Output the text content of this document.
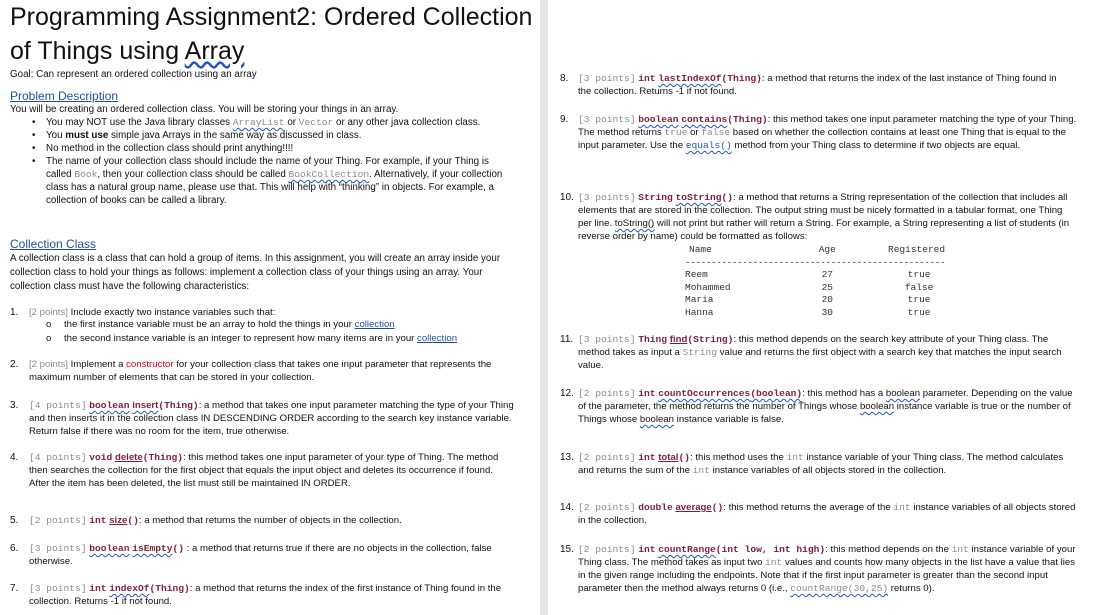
Programming Assignment2: Ordered Collection
of Things using Array
Goal: Can represent an ordered collection using an array
Problem Description
You will be creating an ordered collection class. You will be storing your things in an array.
• You may NOT use the Java library classes ArrayList or Vector or any other java collection class.
• You must use simple java Arrays in the same way as discussed in class.
• No method in the collection class should print anything!!!!
• The name of your collection class should include the name of your Thing. For example, if your Thing is called Book, then your collection class should be called BookCollection. Alternatively, if your collection class has a natural group name, please use that. This will help with “thinking” in objects. For example, a collection of books can be called a library.
Collection Class
A collection class is a class that can hold a group of items. In this assignment, you will create an array inside your collection class to hold your things as follows: implement a collection class of your things using an array. Your collection class must have the following characteristics:
1. [2 points] Include exactly two instance variables such that:
o the first instance variable must be an array to hold the things in your collection
o the second instance variable is an integer to represent how many items are in your collection
2. [2 points] Implement a constructor for your collection class that takes one input parameter that represents the maximum number of elements that can be stored in your collection.
3. [4 points] boolean insert(Thing): a method that takes one input parameter matching the type of your Thing and then inserts it in the collection class IN DESCENDING ORDER according to the search key instance variable. Return false if there was no room for the item, true otherwise.
4. [4 points] void delete(Thing): this method takes one input parameter of your type of Thing. The method then searches the collection for the first object that equals the input object and deletes its occurrence if found. After the item has been deleted, the list must still be maintained IN ORDER.
5. [2 points] int size(): a method that returns the number of objects in the collection.
6. [3 points] boolean isEmpty() : a method that returns true if there are no objects in the collection, false otherwise.
7. [3 points] int indexOf(Thing): a method that returns the index of the first instance of Thing found in the collection. Returns -1 if not found.
8. [3 points] int lastIndexOf(Thing): a method that returns the index of the last instance of Thing found in the collection. Returns -1 if not found.
9. [3 points] boolean contains(Thing): this method takes one input parameter matching the type of your Thing. The method returns true or false based on whether the collection contains at least one Thing that is equal to the input parameter. Use the equals() method from your Thing class to determine if two objects are equal.
10. [3 points] String toString(): a method that returns a String representation of the collection that includes all elements that are stored in the collection. The output string must be nicely formatted in a tabular format, one Thing per line. toString() will not print but rather will return a String. For example, a String representing a list of students (in reverse order by name) could be formatted as follows:
Name	Age	Registered
--------------------------------------------------		
Reem	27	true
Mohammed	25	false
Maria	20	true
Hanna	30	true
11. [3 points] Thing find(String): this method depends on the search key attribute of your Thing class. The method takes as input a String value and returns the first object with a search key that matches the input search value.
12. [2 points] int countOccurrences(boolean): this method has a boolean parameter. Depending on the value of the parameter, the method returns the number of Things whose boolean instance variable is true or the number of Things whose boolean instance variable is false.
13. [2 points] int total(): this method uses the int instance variable of your Thing class. The method calculates and returns the sum of the int instance variables of all objects stored in the collection.
14. [2 points] double average(): this method returns the average of the int instance variables of all objects stored in the collection.
15. [2 points] int countRange(int low, int high): this method depends on the int instance variable of your Thing class. The method takes as input two int values and counts how many objects in the list have a value that lies in the given range including the endpoints. Note that if the first input parameter is greater than the second input parameter then the method always returns 0 (i.e., countRange(30,25) returns 0).
